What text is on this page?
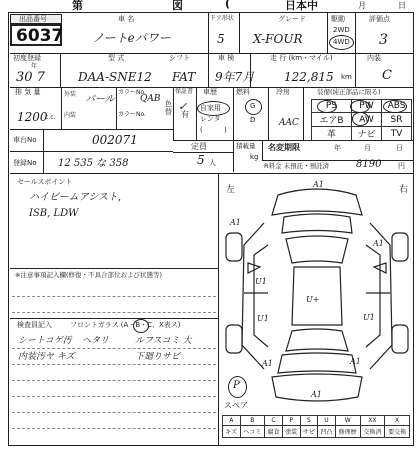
第	図	(	日本中	月	日
出品番号
6037
車 名
ノートeパワー
ドア形状
5
グレード
X-FOUR
駆動
2WD
4WD
評価点
3
初度登録
年
30 7
型 式
DAA-SNE12
シフト
FAT
車 検
9年7月
走 行 (km・マイル)
122,815 km
内装
C
排 気 量
1200
c.c.
外装
内装
パール
カラーNo.
QAB
カラーNo.
色替
保証書
有
✓
車歴
自家用
レンタ
(	)
燃料
G
D
冷房
AAC
装備(純正部品に限る)
PS	PW	ABS
エアB	AW	SR
革	ナビ	TV
車台No	002071	定員
5 人
積載量
kg
名変期限	年	月	日
登録No 12 535 な 358	R料金 未預託・預託済	8190 円
セールスポイント
ハイビームアシスト,
ISB, LDW
※注意事項記入欄(修復・不具合部位および状態等)
検査員記入	フロントガラス (A・B・C、X表ス)
シートコゲ汚 ヘタリ	ルフスコミ 大
内装汚ヤ キズ	下廻りサビ
左	右
A1
A1
A1
U1
U1	U1
U+
A1	A1
A1
P
スペア
A	B	C	P	S	U	W	XX	X
キズ	ヘコミ	腐食	塗装	サビ	凹凸	修理歴	交換済	要交換
